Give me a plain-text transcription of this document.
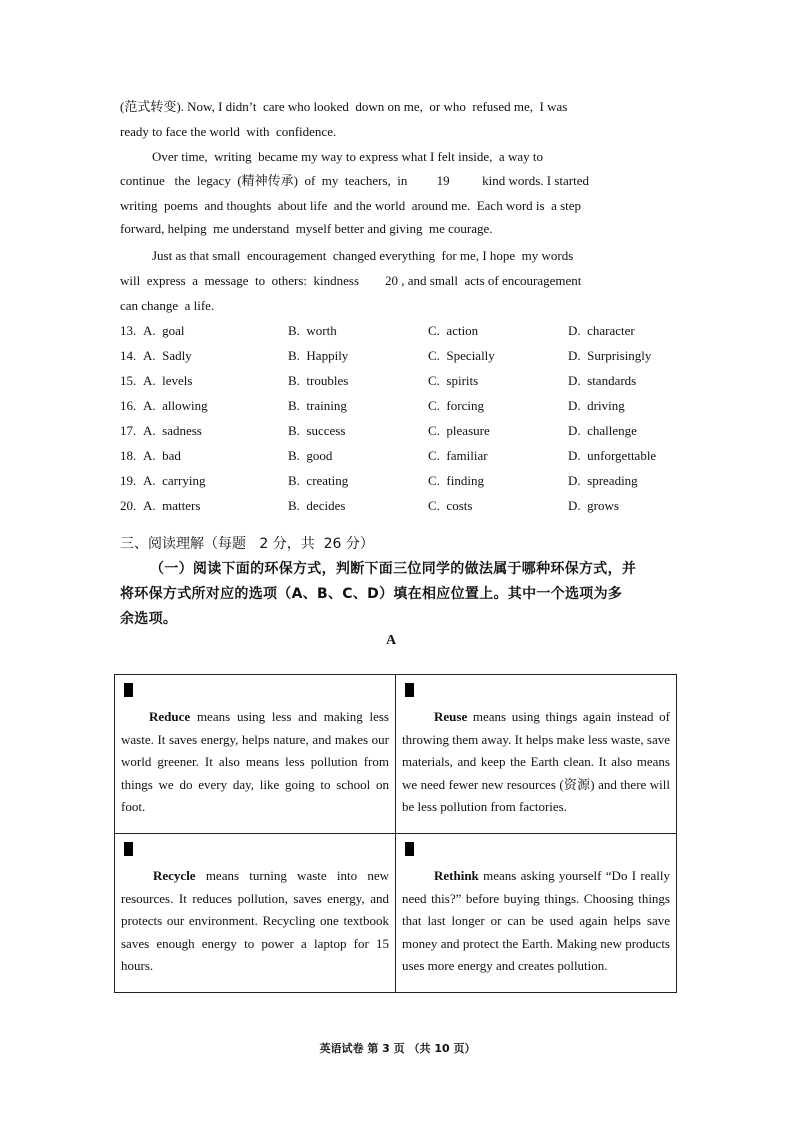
(范式转变). Now, I didn’t  care who looked  down on me,  or who  refused me,  I was
ready to face the world  with  confidence.
Over time,  writing  became my way to express what I felt inside,  a way to
continue   the  legacy  (精神传承)  of  my  teachers,  in         19          kind words. I started
writing  poems  and thoughts  about life  and the world  around me.  Each word is  a step
forward, helping  me understand  myself better and giving  me courage.
Just as that small  encouragement  changed everything  for me, I hope  my words
will  express  a  message  to  others:  kindness        20 , and small  acts of encouragement
can change  a life.
13. A.  goal	B.  worth	C.  action	D.  character
14. A.  Sadly	B.  Happily	C.  Specially	D.  Surprisingly
15. A.  levels	B.  troubles	C.  spirits	D.  standards
16. A.  allowing	B.  training	C.  forcing	D.  driving
17. A.  sadness	B.  success	C.  pleasure	D.  challenge
18. A.  bad	B.  good	C.  familiar	D.  unforgettable
19. A.  carrying	B.  creating	C.  finding	D.  spreading
20. A.  matters	B.  decides	C.  costs	D.  grows
三、阅读理解（每题   2 分，共  26 分）
（一）阅读下面的环保方式，判断下面三位同学的做法属于哪种环保方式，并
将环保方式所对应的选项（A、B、C、D）填在相应位置上。其中一个选项为多
余选项。
A
Reduce means using less and making less waste. It saves energy, helps nature, and makes our world greener. It also means less pollution from things we do every day, like going to school on foot.	Reuse means using things again instead of throwing them away. It helps make less waste, save materials, and keep the Earth clean. It also means we need fewer new resources (资源) and there will be less pollution from factories.

Recycle means turning waste into new resources. It reduces pollution, saves energy, and protects our environment. Recycling one textbook saves enough energy to power a laptop for 15 hours.	Rethink means asking yourself “Do I really need this?” before buying things. Choosing things that last longer or can be used again helps save money and protect the Earth. Making new products uses more energy and creates pollution.
英语试卷 第 3 页 （共 10 页）
